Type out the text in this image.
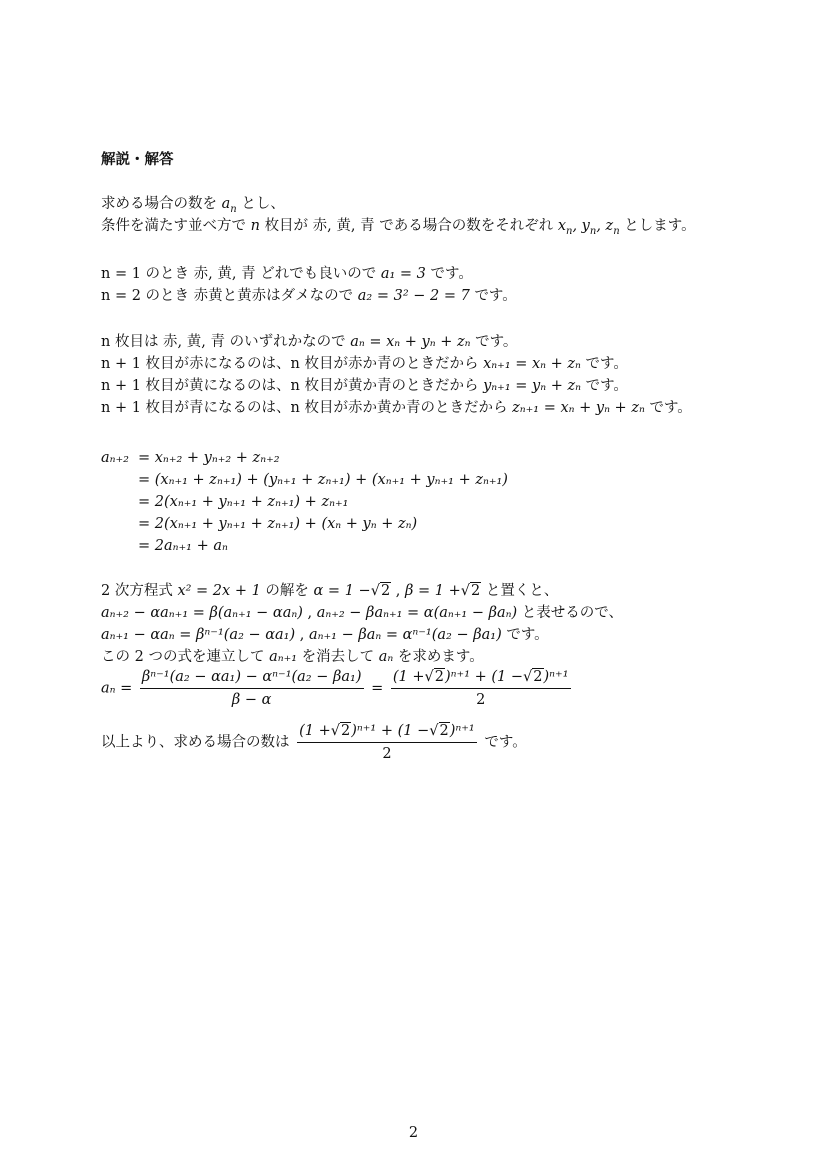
解説・解答
求める場合の数を $a_n$ とし、
条件を満たす並べ方で n 枚目が 赤, 黄, 青 である場合の数をそれぞれ $x_n$, $y_n$, $z_n$ とします。
n = 1 のとき 赤, 黄, 青 どれでも良いので a₁ = 3 です。
n = 2 のとき 赤黄と黄赤はダメなので a₂ = 3² − 2 = 7 です。
n 枚目は 赤, 黄, 青 のいずれかなので aₙ = xₙ + yₙ + zₙ です。
n + 1 枚目が赤になるのは、n 枚目が赤か青のときだから xₙ₊₁ = xₙ + zₙ です。
n + 1 枚目が黄になるのは、n 枚目が黄か青のときだから yₙ₊₁ = yₙ + zₙ です。
n + 1 枚目が青になるのは、n 枚目が赤か黄か青のときだから zₙ₊₁ = xₙ + yₙ + zₙ です。
aₙ₊₂ = xₙ₊₂ + yₙ₊₂ + zₙ₊₂
= (xₙ₊₁ + zₙ₊₁) + (yₙ₊₁ + zₙ₊₁) + (xₙ₊₁ + yₙ₊₁ + zₙ₊₁)
= 2(xₙ₊₁ + yₙ₊₁ + zₙ₊₁) + zₙ₊₁
= 2(xₙ₊₁ + yₙ₊₁ + zₙ₊₁) + (xₙ + yₙ + zₙ)
= 2aₙ₊₁ + aₙ
2 次方程式 x² = 2x + 1 の解を α = 1 −√2 , β = 1 +√2 と置くと、
aₙ₊₂ − αaₙ₊₁ = β(aₙ₊₁ − αaₙ) , aₙ₊₂ − βaₙ₊₁ = α(aₙ₊₁ − βaₙ) と表せるので、
aₙ₊₁ − αaₙ = βⁿ⁻¹(a₂ − αa₁) , aₙ₊₁ − βaₙ = αⁿ⁻¹(a₂ − βa₁) です。
この 2 つの式を連立して aₙ₊₁ を消去して aₙ を求めます。
$a_n = \frac{\text{βⁿ⁻¹(a₂ − αa₁) − αⁿ⁻¹(a₂ − βa₁)}}{\beta - \alpha} = \frac{\text{(1 +√2)ⁿ⁺¹ + (1 −√2)ⁿ⁺¹}}{2}$
以上より、求める場合の数は $\frac{\text{(1 +√2)ⁿ⁺¹ + (1 −√2)ⁿ⁺¹}}{2}$ です。
2
